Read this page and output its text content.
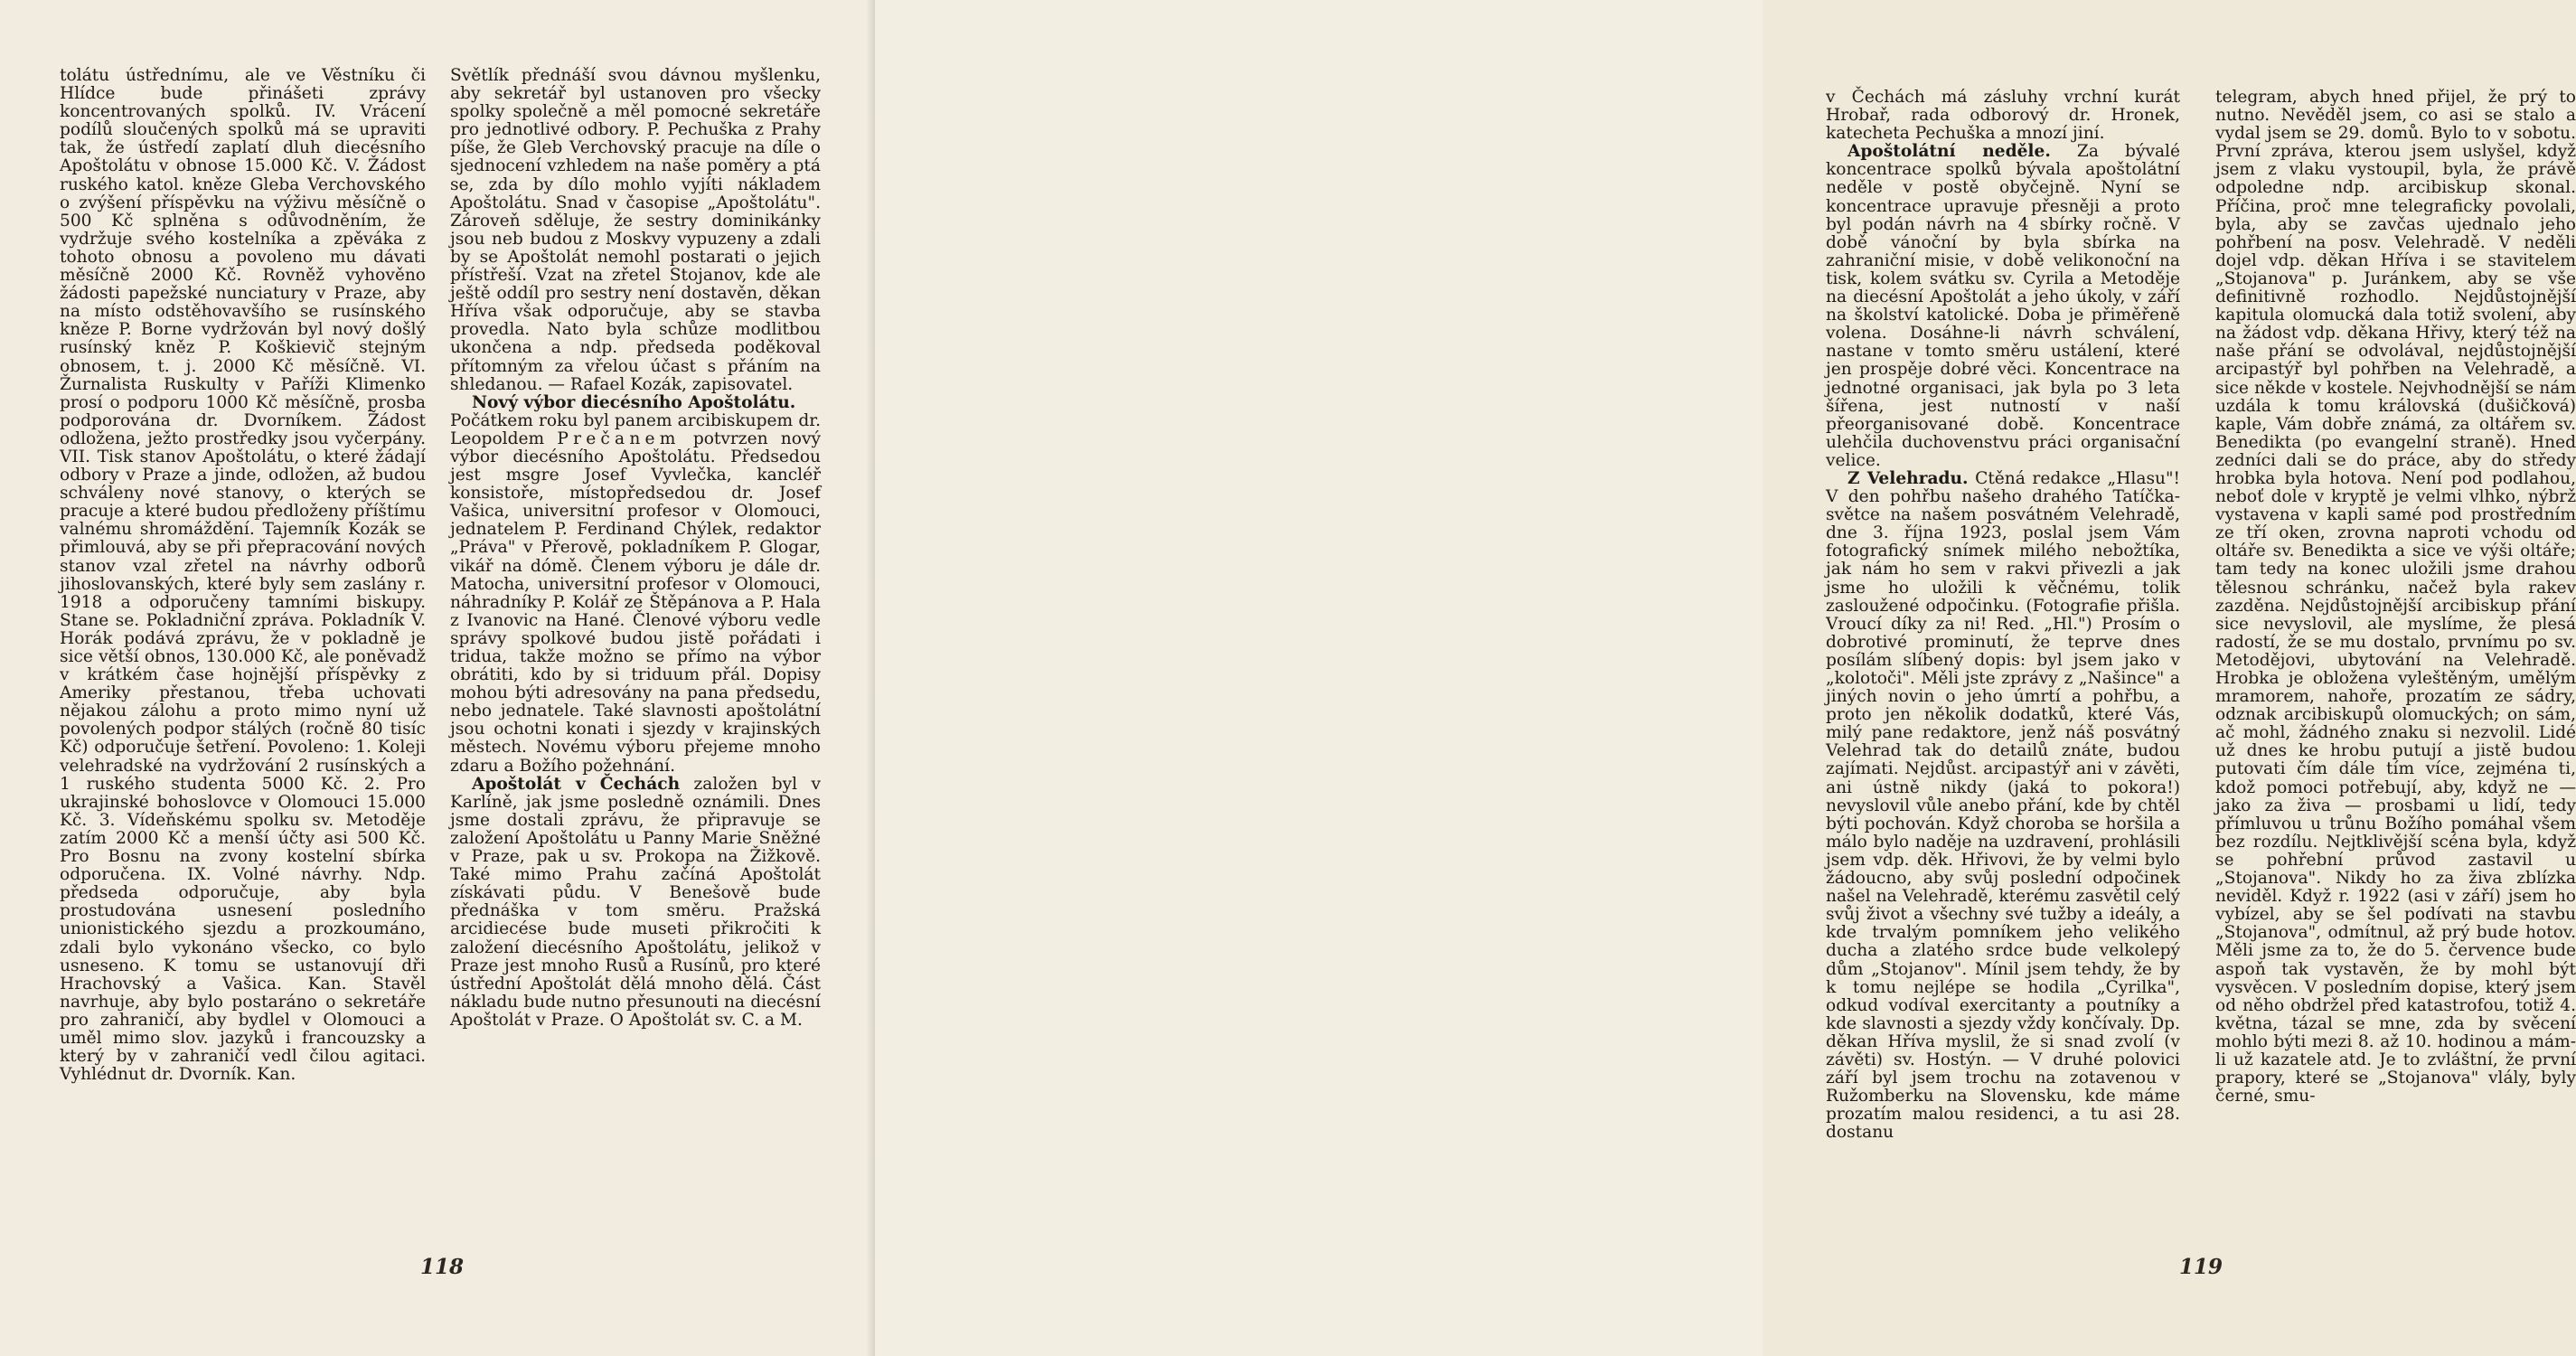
tolátu ústřednímu, ale ve Věstníku či Hlídce bude přinášeti zprávy koncentrovaných spolků. IV. Vrácení podílů sloučených spolků má se upraviti tak, že ústředí zaplatí dluh diecésního Apoštolátu v obnose 15.000 Kč. V. Žádost ruského katol. kněze Gleba Verchovského o zvýšení příspěvku na výživu měsíčně o 500 Kč splněna s odůvodněním, že vydržuje svého kostelníka a zpěváka z tohoto obnosu a povoleno mu dávati měsíčně 2000 Kč. Rovněž vyhověno žádosti papežské nunciatury v Praze, aby na místo odstěhovavšího se rusínského kněze P. Borne vydržován byl nový došlý rusínský kněz P. Koškievič stejným obnosem, t. j. 2000 Kč měsíčně. VI. Žurnalista Ruskulty v Paříži Klimenko prosí o podporu 1000 Kč měsíčně, prosba podporována dr. Dvorníkem. Žádost odložena, ježto prostředky jsou vyčerpány. VII. Tisk stanov Apoštolátu, o které žádají odbory v Praze a jinde, odložen, až budou schváleny nové stanovy, o kterých se pracuje a které budou předloženy příštímu valnému shromáždění. Tajemník Kozák se přimlouvá, aby se při přepracování nových stanov vzal zřetel na návrhy odborů jihoslovanských, které byly sem zaslány r. 1918 a odporučeny tamními biskupy. Stane se. Pokladniční zpráva. Pokladník V. Horák podává zprávu, že v pokladně je sice větší obnos, 130.000 Kč, ale poněvadž v krátkém čase hojnější příspěvky z Ameriky přestanou, třeba uchovati nějakou zálohu a proto mimo nyní už povolených podpor stálých (ročně 80 tisíc Kč) odporučuje šetření. Povoleno: 1. Koleji velehradské na vydržování 2 rusínských a 1 ruského studenta 5000 Kč. 2. Pro ukrajinské bohoslovce v Olomouci 15.000 Kč. 3. Vídeňskému spolku sv. Metoděje zatím 2000 Kč a menší účty asi 500 Kč. Pro Bosnu na zvony kostelní sbírka odporučena. IX. Volné návrhy. Ndp. předseda odporučuje, aby byla prostudována usnesení posledního unionistického sjezdu a prozkoumáno, zdali bylo vykonáno všecko, co bylo usneseno. K tomu se ustanovují dři Hrachovský a Vašica. Kan. Stavěl navrhuje, aby bylo postaráno o sekretáře pro zahraničí, aby bydlel v Olomouci a uměl mimo slov. jazyků i francouzsky a který by v zahraničí vedl čilou agitaci. Vyhlédnut dr. Dvorník. Kan.

Světlík přednáší svou dávnou myšlenku, aby sekretář byl ustanoven pro všecky spolky společně a měl pomocné sekretáře pro jednotlivé odbory. P. Pechuška z Prahy píše, že Gleb Verchovský pracuje na díle o sjednocení vzhledem na naše poměry a ptá se, zda by dílo mohlo vyjíti nákladem Apoštolátu. Snad v časopise „Apoštolátu". Zároveň sděluje, že sestry dominikánky jsou neb budou z Moskvy vypuzeny a zdali by se Apoštolát nemohl postarati o jejich přístřeší. Vzat na zřetel Stojanov, kde ale ještě oddíl pro sestry není dostavěn, děkan Hříva však odporučuje, aby se stavba provedla. Nato byla schůze modlitbou ukončena a ndp. předseda poděkoval přítomným za vřelou účast s přáním na shledanou. — Rafael Kozák, zapisovatel.

Nový výbor diecésního Apoštolátu.
Počátkem roku byl panem arcibiskupem dr. Leopoldem Prečanem potvrzen nový výbor diecésního Apoštolátu. Předsedou jest msgre Josef Vyvlečka, kancléř konsistoře, místopředsedou dr. Josef Vašica, universitní profesor v Olomouci, jednatelem P. Ferdinand Chýlek, redaktor „Práva" v Přerově, pokladníkem P. Glogar, vikář na dómě. Členem výboru je dále dr. Matocha, universitní profesor v Olomouci, náhradníky P. Kolář ze Štěpánova a P. Hala z Ivanovic na Hané. Členové výboru vedle správy spolkové budou jistě pořádati i tridua, takže možno se přímo na výbor obrátiti, kdo by si triduum přál. Dopisy mohou býti adresovány na pana předsedu, nebo jednatele. Také slavnosti apoštolátní jsou ochotni konati i sjezdy v krajinských městech. Novému výboru přejeme mnoho zdaru a Božího požehnání.

Apoštolát v Čechách založen byl v Karlíně, jak jsme posledně oznámili. Dnes jsme dostali zprávu, že připravuje se založení Apoštolátu u Panny Marie Sněžné v Praze, pak u sv. Prokopa na Žižkově. Také mimo Prahu začíná Apoštolát získávati půdu. V Benešově bude přednáška v tom směru. Pražská arcidiecése bude museti přikročiti k založení diecésního Apoštolátu, jelikož v Praze jest mnoho Rusů a Rusínů, pro které ústřední Apoštolát dělá mnoho dělá. Část nákladu bude nutno přesunouti na diecésní Apoštolát v Praze. O Apoštolát sv. C. a M.

118

v Čechách má zásluhy vrchní kurát Hrobař, rada odborový dr. Hronek, katecheta Pechuška a mnozí jiní.

Apoštolátní neděle. Za bývalé koncentrace spolků bývala apoštolátní neděle v postě obyčejně. Nyní se koncentrace upravuje přesněji a proto byl podán návrh na 4 sbírky ročně. V době vánoční by byla sbírka na zahraniční misie, v době velikonoční na tisk, kolem svátku sv. Cyrila a Metoděje na diecésní Apoštolát a jeho úkoly, v září na školství katolické. Doba je přiměřeně volena. Dosáhne-li návrh schválení, nastane v tomto směru ustálení, které jen prospěje dobré věci. Koncentrace na jednotné organisaci, jak byla po 3 leta šířena, jest nutností v naší přeorganisované době. Koncentrace ulehčila duchovenstvu práci organisační velice.

Z Velehradu. Ctěná redakce „Hlasu"! V den pohřbu našeho drahého Tatíčka-světce na našem posvátném Velehradě, dne 3. října 1923, poslal jsem Vám fotografický snímek milého nebožtíka, jak nám ho sem v rakvi přivezli a jak jsme ho uložili k věčnému, tolik zasloužené odpočinku. (Fotografie přišla. Vroucí díky za ni! Red. „Hl.") Prosím o dobrotivé prominutí, že teprve dnes posílám slíbený dopis: byl jsem jako v „kolotoči". Měli jste zprávy z „Našince" a jiných novin o jeho úmrtí a pohřbu, a proto jen několik dodatků, které Vás, milý pane redaktore, jenž náš posvátný Velehrad tak do detailů znáte, budou zajímati. Nejdůst. arcipastýř ani v závěti, ani ústně nikdy (jaká to pokora!) nevyslovil vůle anebo přání, kde by chtěl býti pochován. Když choroba se horšila a málo bylo naděje na uzdravení, prohlásili jsem vdp. děk. Hřivovi, že by velmi bylo žádoucno, aby svůj poslední odpočinek našel na Velehradě, kterému zasvětil celý svůj život a všechny své tužby a ideály, a kde trvalým pomníkem jeho velikého ducha a zlatého srdce bude velkolepý dům „Stojanov". Mínil jsem tehdy, že by k tomu nejlépe se hodila „Cyrilka", odkud vodíval exercitanty a poutníky a kde slavnosti a sjezdy vždy končívaly. Dp. děkan Hříva myslil, že si snad zvolí (v závěti) sv. Hostýn. — V druhé polovici září byl jsem trochu na zotavenou v Ružomberku na Slovensku, kde máme prozatím malou residenci, a tu asi 28. dostanu

telegram, abych hned přijel, že prý to nutno. Nevěděl jsem, co asi se stalo a vydal jsem se 29. domů. Bylo to v sobotu. První zpráva, kterou jsem uslyšel, když jsem z vlaku vystoupil, byla, že právě odpoledne ndp. arcibiskup skonal. Příčina, proč mne telegraficky povolali, byla, aby se zavčas ujednalo jeho pohřbení na posv. Velehradě. V neděli dojel vdp. děkan Hříva i se stavitelem „Stojanova" p. Juránkem, aby se vše definitivně rozhodlo. Nejdůstojnější kapitula olomucká dala totiž svolení, aby na žádost vdp. děkana Hřivy, který též na naše přání se odvolával, nejdůstojnější arcipastýř byl pohřben na Velehradě, a sice někde v kostele. Nejvhodnější se nám uzdála k tomu královská (dušičková) kaple, Vám dobře známá, za oltářem sv. Benedikta (po evangelní straně). Hned zedníci dali se do práce, aby do středy hrobka byla hotova. Není pod podlahou, neboť dole v kryptě je velmi vlhko, nýbrž vystavena v kapli samé pod prostředním ze tří oken, zrovna naproti vchodu od oltáře sv. Benedikta a sice ve výši oltáře; tam tedy na konec uložili jsme drahou tělesnou schránku, načež byla rakev zazděna. Nejdůstojnější arcibiskup přání sice nevyslovil, ale myslíme, že plesá radostí, že se mu dostalo, prvnímu po sv. Metodějovi, ubytování na Velehradě. Hrobka je obložena vyleštěným, umělým mramorem, nahoře, prozatím ze sádry, odznak arcibiskupů olomuckých; on sám, ač mohl, žádného znaku si nezvolil. Lidé už dnes ke hrobu putují a jistě budou putovati čím dále tím více, zejména ti, kdož pomoci potřebují, aby, když ne — jako za živa — prosbami u lidí, tedy přímluvou u trůnu Božího pomáhal všem bez rozdílu. Nejtklivější scéna byla, když se pohřební průvod zastavil u „Stojanova". Nikdy ho za živa zblízka neviděl. Když r. 1922 (asi v září) jsem ho vybízel, aby se šel podívati na stavbu „Stojanova", odmítnul, až prý bude hotov. Měli jsme za to, že do 5. července bude aspoň tak vystavěn, že by mohl být vysvěcen. V posledním dopise, který jsem od něho obdržel před katastrofou, totiž 4. května, tázal se mne, zda by svěcení mohlo býti mezi 8. až 10. hodinou a mám-li už kazatele atd. Je to zvláštní, že první prapory, které se „Stojanova" vlály, byly černé, smu-

119
